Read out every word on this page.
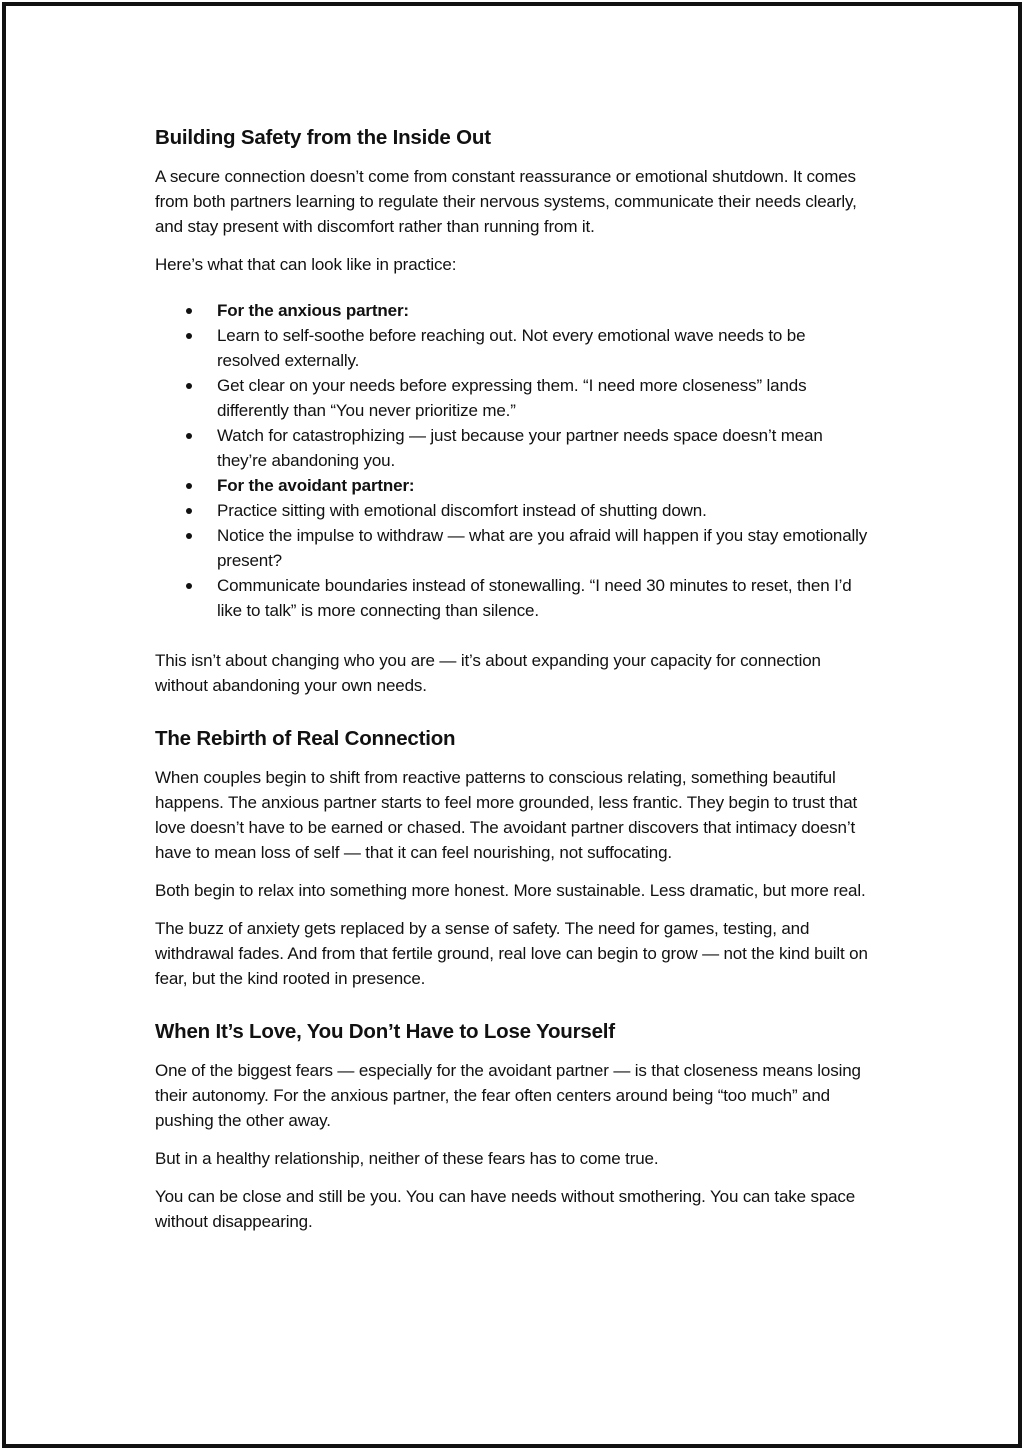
Building Safety from the Inside Out

A secure connection doesn’t come from constant reassurance or emotional shutdown. It comes from both partners learning to regulate their nervous systems, communicate their needs clearly, and stay present with discomfort rather than running from it.

Here’s what that can look like in practice:

For the anxious partner:
Learn to self-soothe before reaching out. Not every emotional wave needs to be resolved externally.
Get clear on your needs before expressing them. “I need more closeness” lands differently than “You never prioritize me.”
Watch for catastrophizing — just because your partner needs space doesn’t mean they’re abandoning you.
For the avoidant partner:
Practice sitting with emotional discomfort instead of shutting down.
Notice the impulse to withdraw — what are you afraid will happen if you stay emotionally present?
Communicate boundaries instead of stonewalling. “I need 30 minutes to reset, then I’d like to talk” is more connecting than silence.

This isn’t about changing who you are — it’s about expanding your capacity for connection without abandoning your own needs.

The Rebirth of Real Connection

When couples begin to shift from reactive patterns to conscious relating, something beautiful happens. The anxious partner starts to feel more grounded, less frantic. They begin to trust that love doesn’t have to be earned or chased. The avoidant partner discovers that intimacy doesn’t have to mean loss of self — that it can feel nourishing, not suffocating.

Both begin to relax into something more honest. More sustainable. Less dramatic, but more real.

The buzz of anxiety gets replaced by a sense of safety. The need for games, testing, and withdrawal fades. And from that fertile ground, real love can begin to grow — not the kind built on fear, but the kind rooted in presence.

When It’s Love, You Don’t Have to Lose Yourself

One of the biggest fears — especially for the avoidant partner — is that closeness means losing their autonomy. For the anxious partner, the fear often centers around being “too much” and pushing the other away.

But in a healthy relationship, neither of these fears has to come true.

You can be close and still be you. You can have needs without smothering. You can take space without disappearing.
